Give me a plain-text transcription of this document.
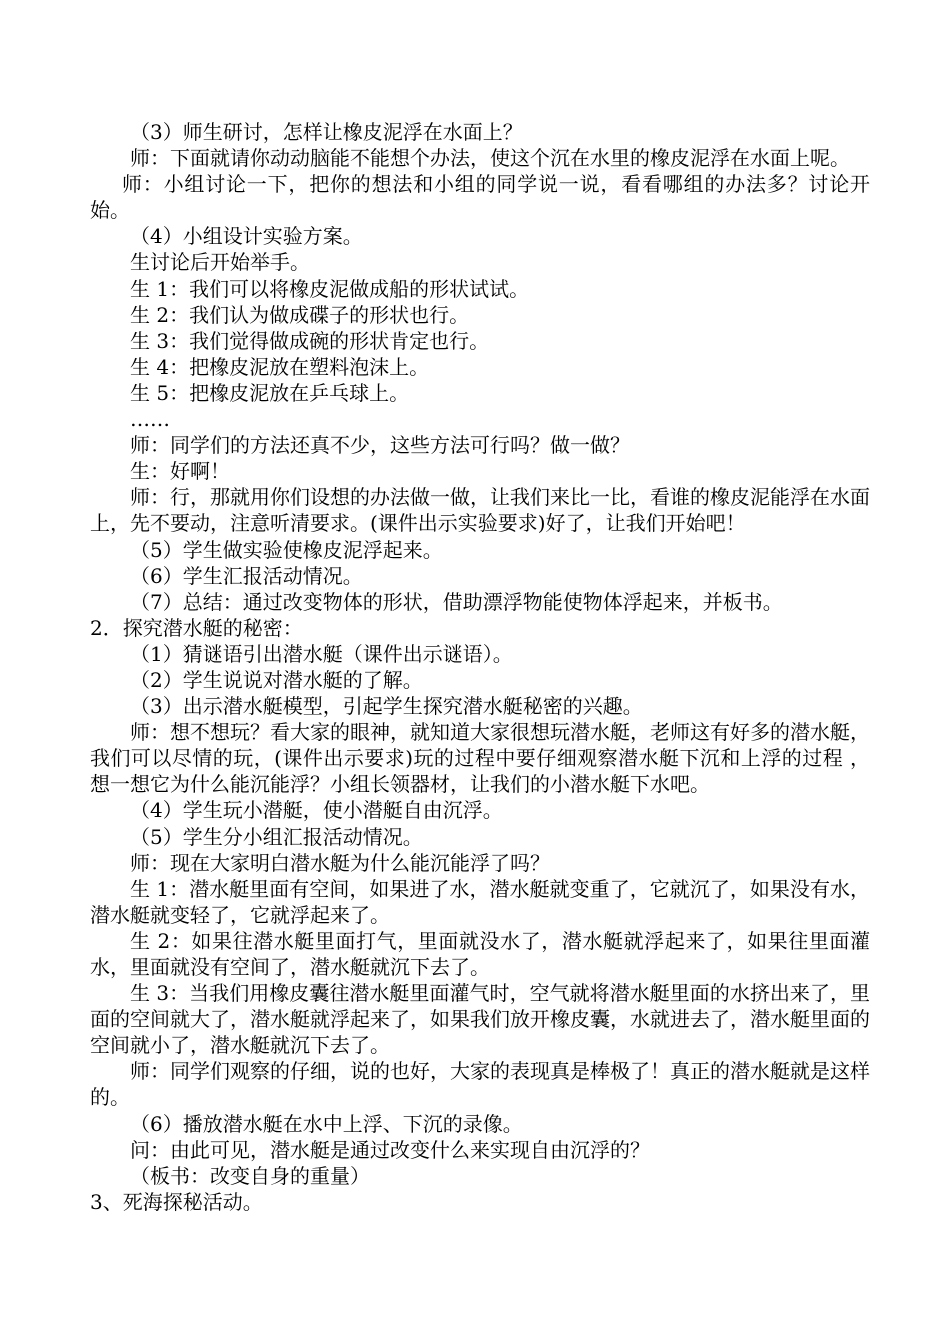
（3）师生研讨，怎样让橡皮泥浮在水面上？

师：下面就请你动动脑能不能想个办法，使这个沉在水里的橡皮泥浮在水面上呢。

师：小组讨论一下，把你的想法和小组的同学说一说，看看哪组的办法多？讨论开始。

（4）小组设计实验方案。

生讨论后开始举手。

生 1：我们可以将橡皮泥做成船的形状试试。

生 2：我们认为做成碟子的形状也行。

生 3：我们觉得做成碗的形状肯定也行。

生 4：把橡皮泥放在塑料泡沫上。

生 5：把橡皮泥放在乒乓球上。

……

师：同学们的方法还真不少，这些方法可行吗？做一做？

生：好啊！

师：行，那就用你们设想的办法做一做，让我们来比一比，看谁的橡皮泥能浮在水面上，先不要动，注意听清要求。(课件出示实验要求)好了，让我们开始吧！

（5）学生做实验使橡皮泥浮起来。

（6）学生汇报活动情况。

（7）总结：通过改变物体的形状，借助漂浮物能使物体浮起来，并板书。

2．探究潜水艇的秘密：

（1）猜谜语引出潜水艇（课件出示谜语）。

（2）学生说说对潜水艇的了解。

（3）出示潜水艇模型，引起学生探究潜水艇秘密的兴趣。

师：想不想玩？看大家的眼神，就知道大家很想玩潜水艇，老师这有好多的潜水艇，我们可以尽情的玩，(课件出示要求)玩的过程中要仔细观察潜水艇下沉和上浮的过程 ，想一想它为什么能沉能浮？小组长领器材，让我们的小潜水艇下水吧。

（4）学生玩小潜艇，使小潜艇自由沉浮。

（5）学生分小组汇报活动情况。

师：现在大家明白潜水艇为什么能沉能浮了吗？

生 1：潜水艇里面有空间，如果进了水，潜水艇就变重了，它就沉了，如果没有水，潜水艇就变轻了，它就浮起来了。

生 2：如果往潜水艇里面打气，里面就没水了，潜水艇就浮起来了，如果往里面灌水，里面就没有空间了，潜水艇就沉下去了。

生 3：当我们用橡皮囊往潜水艇里面灌气时，空气就将潜水艇里面的水挤出来了，里面的空间就大了，潜水艇就浮起来了，如果我们放开橡皮囊，水就进去了，潜水艇里面的空间就小了，潜水艇就沉下去了。

师：同学们观察的仔细，说的也好，大家的表现真是棒极了！真正的潜水艇就是这样的。

（6）播放潜水艇在水中上浮、下沉的录像。

问：由此可见，潜水艇是通过改变什么来实现自由沉浮的？

（板书：改变自身的重量）

3、死海探秘活动。
